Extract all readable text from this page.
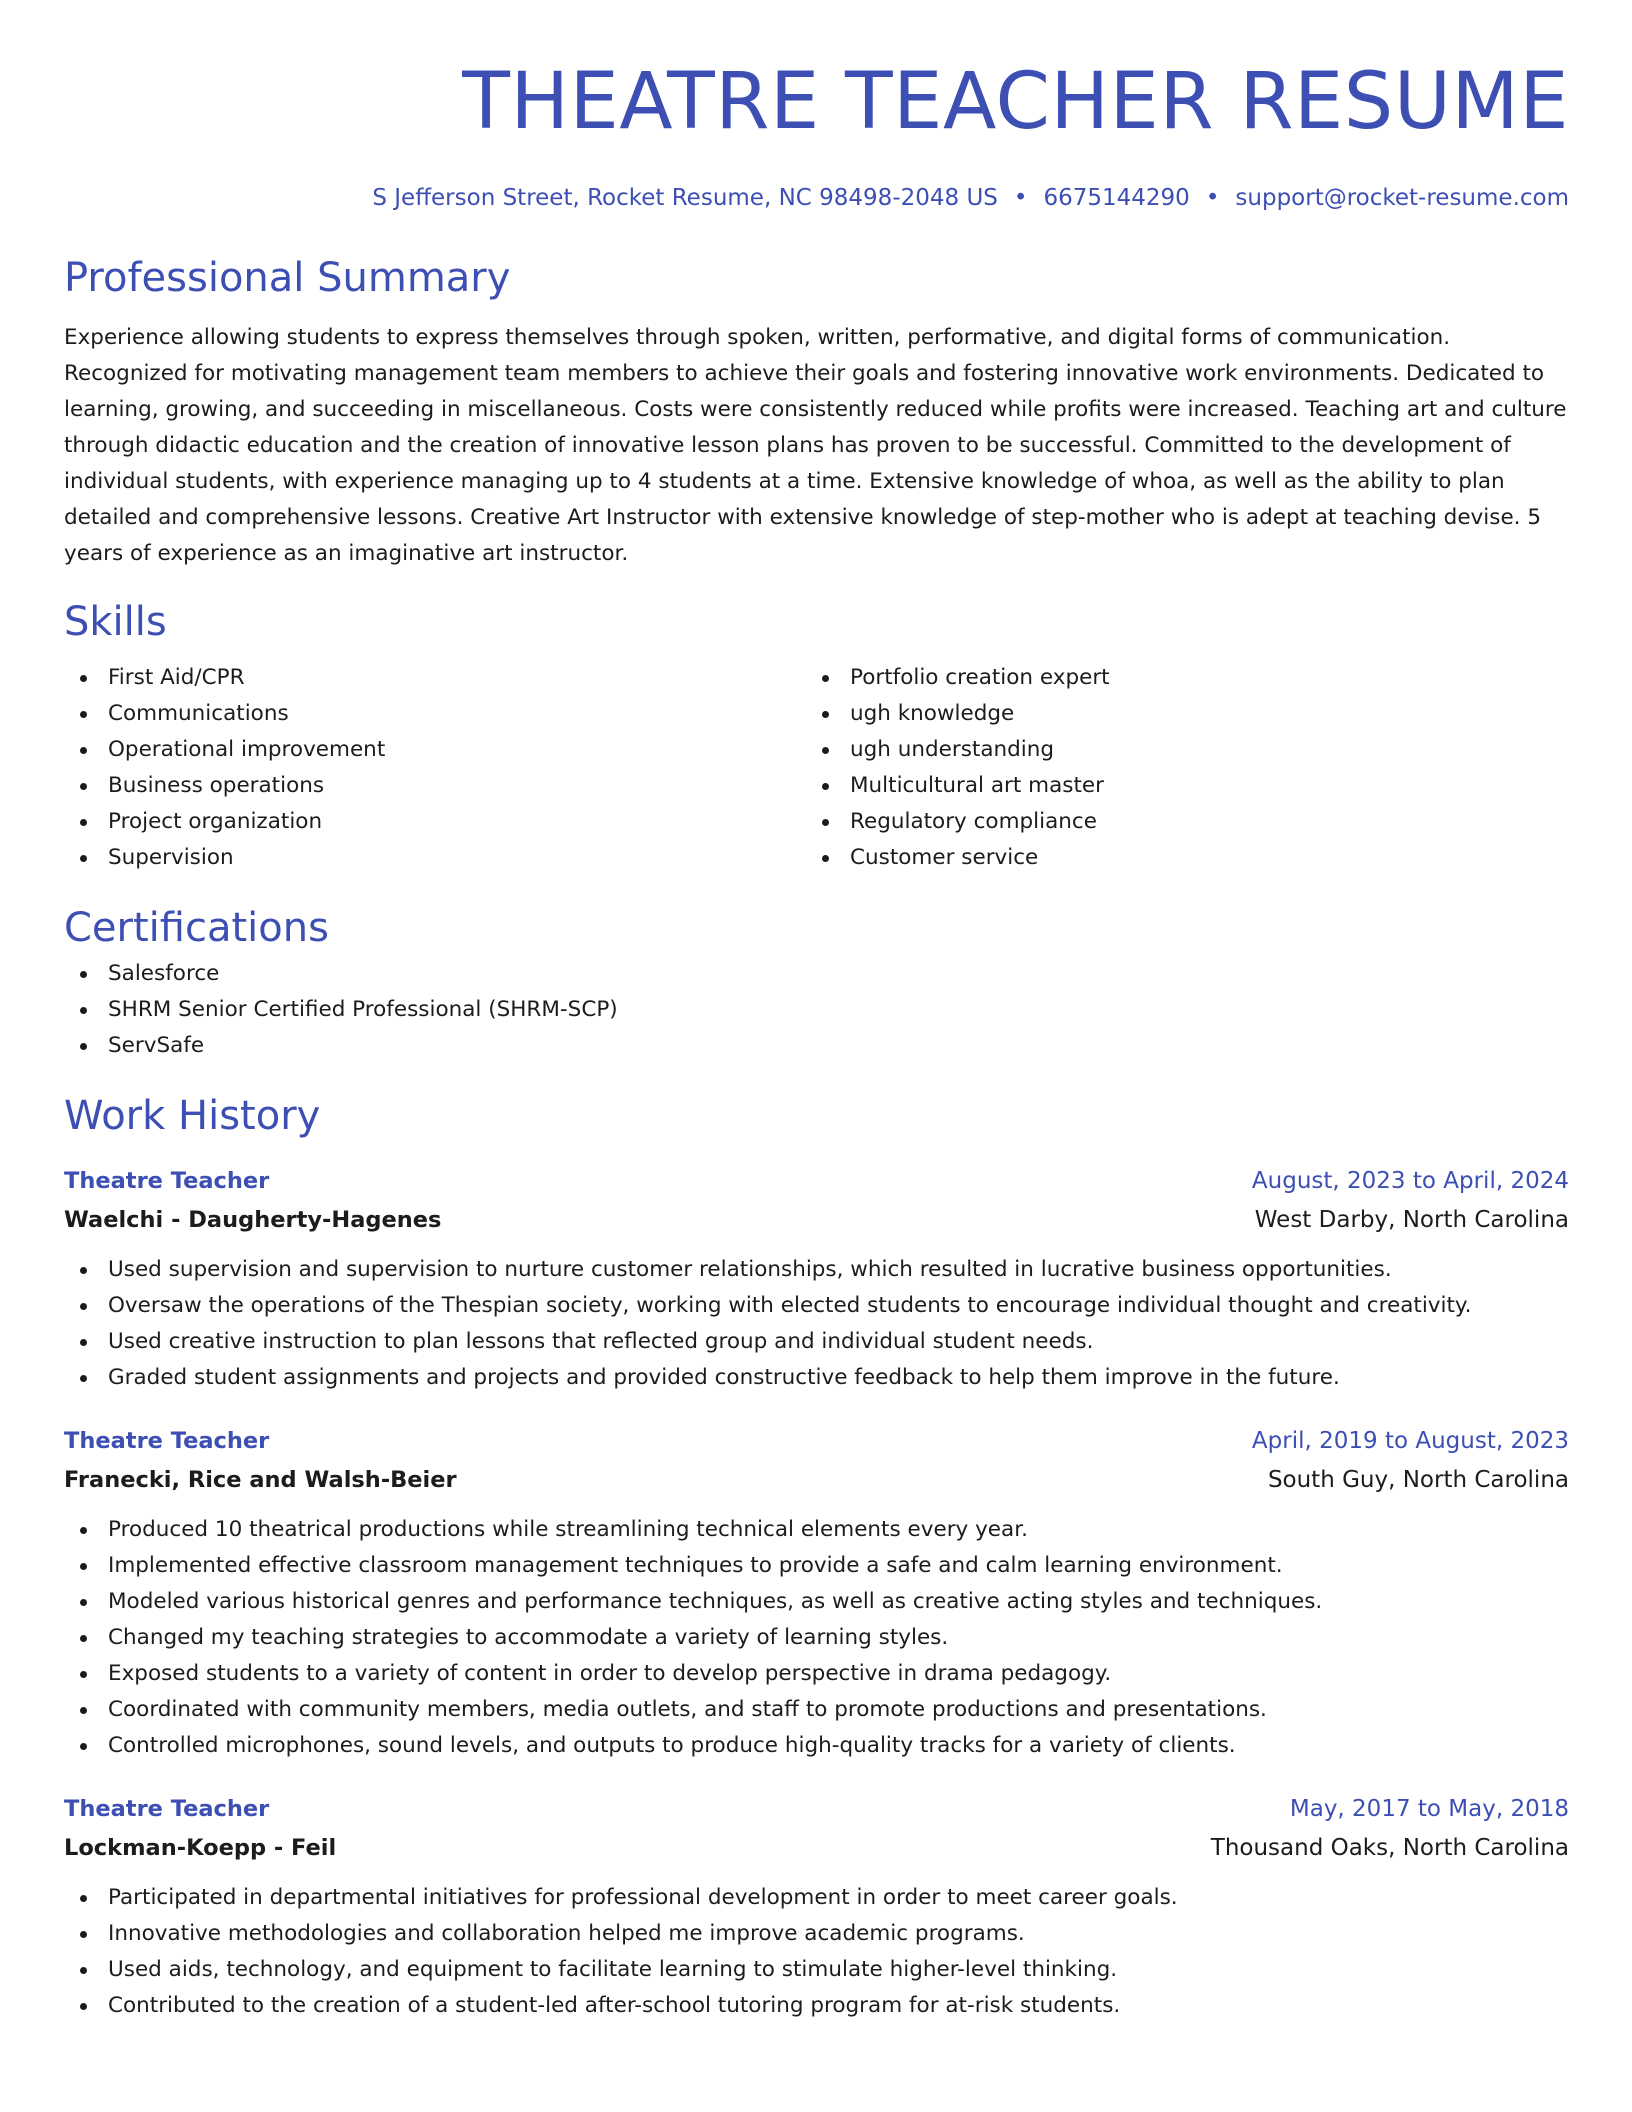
THEATRE TEACHER RESUME
S Jefferson Street, Rocket Resume, NC 98498-2048 US • 6675144290 • support@rocket-resume.com
Professional Summary

Experience allowing students to express themselves through spoken, written, performative, and digital forms of communication. Recognized for motivating management team members to achieve their goals and fostering innovative work environments. Dedicated to learning, growing, and succeeding in miscellaneous. Costs were consistently reduced while profits were increased. Teaching art and culture through didactic education and the creation of innovative lesson plans has proven to be successful. Committed to the development of individual students, with experience managing up to 4 students at a time. Extensive knowledge of whoa, as well as the ability to plan detailed and comprehensive lessons. Creative Art Instructor with extensive knowledge of step-mother who is adept at teaching devise. 5 years of experience as an imaginative art instructor.

Skills
First Aid/CPR
Communications
Operational improvement
Business operations
Project organization
Supervision
Portfolio creation expert
ugh knowledge
ugh understanding
Multicultural art master
Regulatory compliance
Customer service
Certifications
Salesforce
SHRM Senior Certified Professional (SHRM-SCP)
ServSafe
Work History
Theatre Teacher	August, 2023 to April, 2024
Waelchi - Daugherty-Hagenes	West Darby, North Carolina
Used supervision and supervision to nurture customer relationships, which resulted in lucrative business opportunities.
Oversaw the operations of the Thespian society, working with elected students to encourage individual thought and creativity.
Used creative instruction to plan lessons that reflected group and individual student needs.
Graded student assignments and projects and provided constructive feedback to help them improve in the future.
Theatre Teacher	April, 2019 to August, 2023
Franecki, Rice and Walsh-Beier	South Guy, North Carolina
Produced 10 theatrical productions while streamlining technical elements every year.
Implemented effective classroom management techniques to provide a safe and calm learning environment.
Modeled various historical genres and performance techniques, as well as creative acting styles and techniques.
Changed my teaching strategies to accommodate a variety of learning styles.
Exposed students to a variety of content in order to develop perspective in drama pedagogy.
Coordinated with community members, media outlets, and staff to promote productions and presentations.
Controlled microphones, sound levels, and outputs to produce high-quality tracks for a variety of clients.
Theatre Teacher	May, 2017 to May, 2018
Lockman-Koepp - Feil	Thousand Oaks, North Carolina
Participated in departmental initiatives for professional development in order to meet career goals.
Innovative methodologies and collaboration helped me improve academic programs.
Used aids, technology, and equipment to facilitate learning to stimulate higher-level thinking.
Contributed to the creation of a student-led after-school tutoring program for at-risk students.
